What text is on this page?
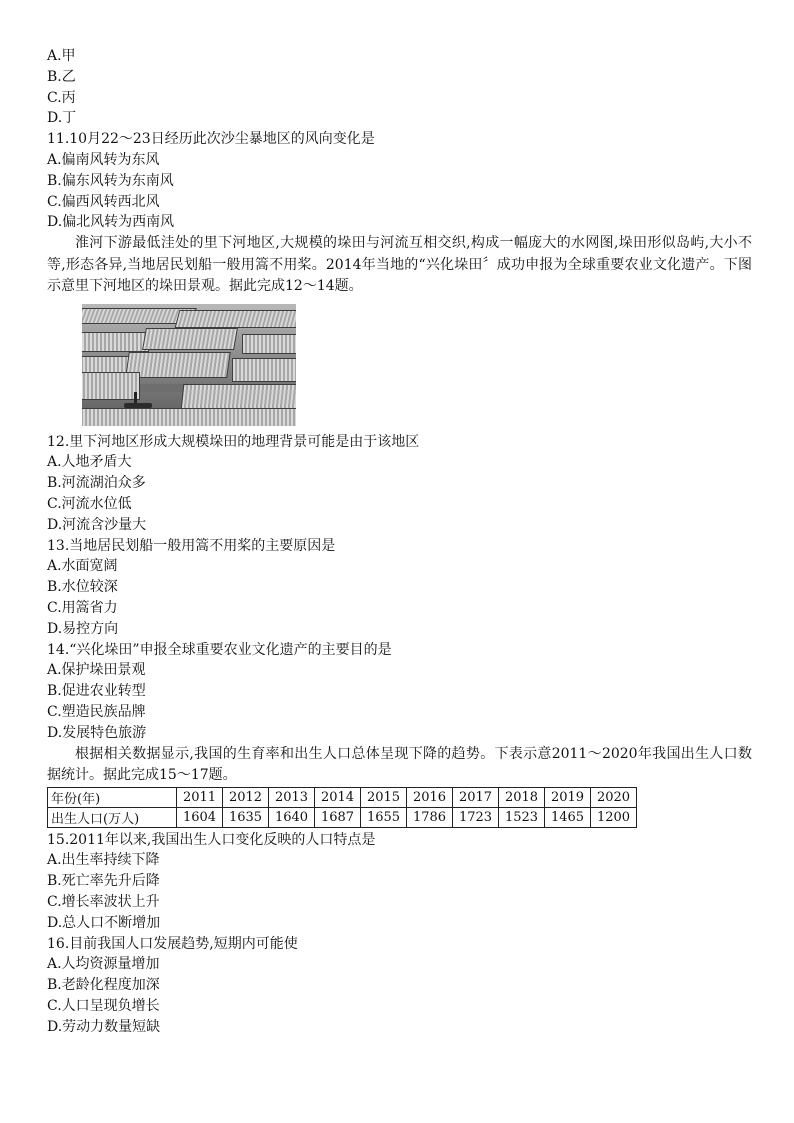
A.甲
B.乙
C.丙
D.丁
11.10月22～23日经历此次沙尘暴地区的风向变化是
A.偏南风转为东风
B.偏东风转为东南风
C.偏西风转西北风
D.偏北风转为西南风

淮河下游最低洼处的里下河地区,大规模的垛田与河流互相交织,构成一幅庞大的水网图,垛田形似岛屿,大小不等,形态各异,当地居民划船一般用篙不用桨。2014年当地的“兴化垛田〞成功申报为全球重要农业文化遗产。下图示意里下河地区的垛田景观。据此完成12～14题。

12.里下河地区形成大规模垛田的地理背景可能是由于该地区
A.人地矛盾大
B.河流湖泊众多
C.河流水位低
D.河流含沙量大
13.当地居民划船一般用篙不用桨的主要原因是
A.水面宽阔
B.水位较深
C.用篙省力
D.易控方向
14.“兴化垛田”申报全球重要农业文化遗产的主要目的是
A.保护垛田景观
B.促进农业转型
C.塑造民族品牌
D.发展特色旅游

根据相关数据显示,我国的生育率和出生人口总体呈现下降的趋势。下表示意2011～2020年我国出生人口数据统计。据此完成15～17题。

年份(年)	2011	2012	2013	2014	2015	2016	2017	2018	2019	2020
出生人口(万人)	1604	1635	1640	1687	1655	1786	1723	1523	1465	1200
15.2011年以来,我国出生人口变化反映的人口特点是
A.出生率持续下降
B.死亡率先升后降
C.增长率波状上升
D.总人口不断增加
16.目前我国人口发展趋势,短期内可能使
A.人均资源量增加
B.老龄化程度加深
C.人口呈现负增长
D.劳动力数量短缺
